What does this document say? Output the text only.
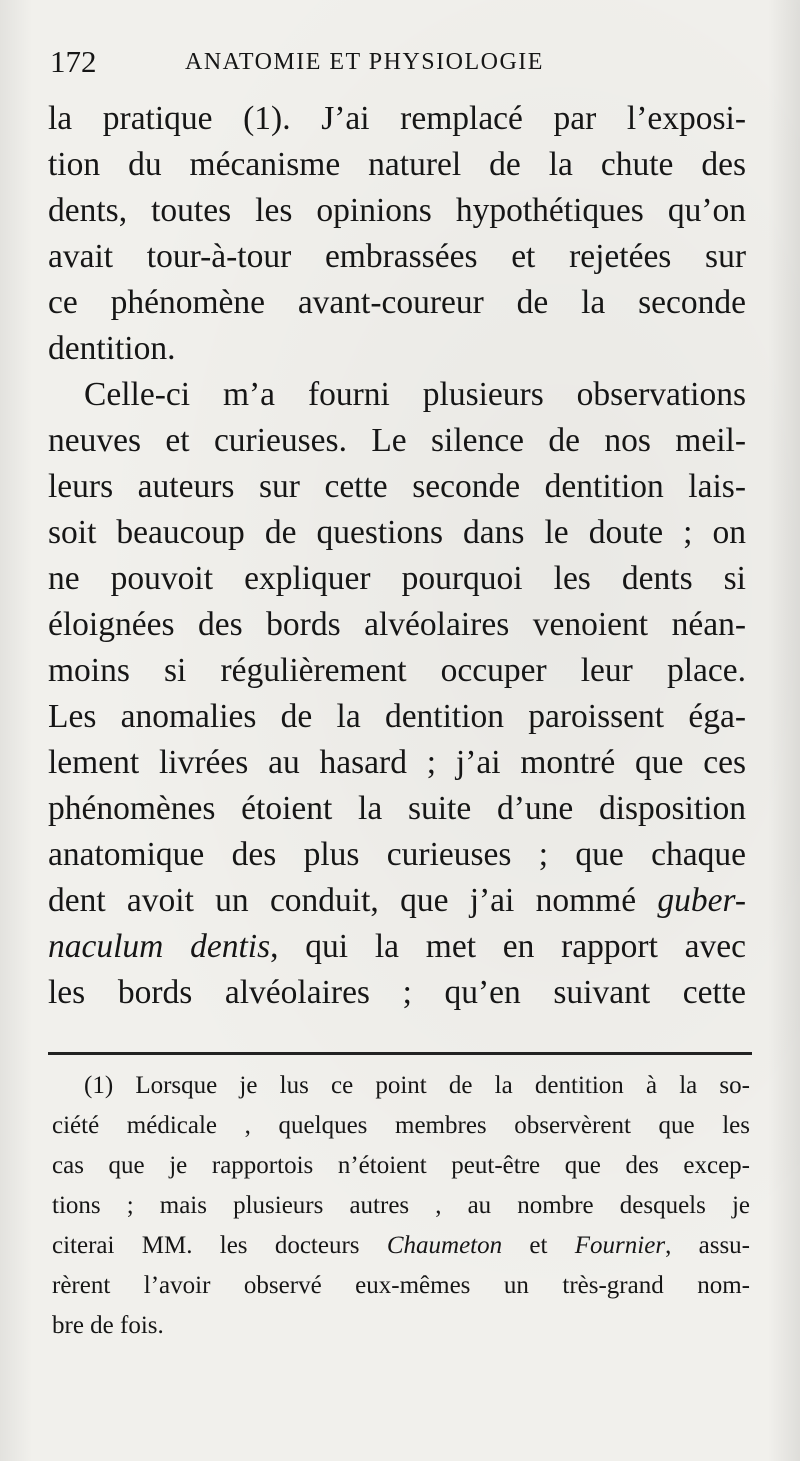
172	ANATOMIE ET PHYSIOLOGIE
la pratique (1). J’ai remplacé par l’exposi-
tion du mécanisme naturel de la chute des
dents, toutes les opinions hypothétiques qu’on
avait tour-à-tour embrassées et rejetées sur
ce phénomène avant-coureur de la seconde
dentition.
Celle-ci m’a fourni plusieurs observations
neuves et curieuses. Le silence de nos meil-
leurs auteurs sur cette seconde dentition lais-
soit beaucoup de questions dans le doute ; on
ne pouvoit expliquer pourquoi les dents si
éloignées des bords alvéolaires venoient néan-
moins si régulièrement occuper leur place.
Les anomalies de la dentition paroissent éga-
lement livrées au hasard ; j’ai montré que ces
phénomènes étoient la suite d’une disposition
anatomique des plus curieuses ; que chaque
dent avoit un conduit, que j’ai nommé guber-
naculum dentis, qui la met en rapport avec
les bords alvéolaires ; qu’en suivant cette
(1) Lorsque je lus ce point de la dentition à la so-
ciété médicale , quelques membres observèrent que les
cas que je rapportois n’étoient peut-être que des excep-
tions ; mais plusieurs autres , au nombre desquels je
citerai MM. les docteurs Chaumeton et Fournier, assu-
rèrent l’avoir observé eux-mêmes un très-grand nom-
bre de fois.
